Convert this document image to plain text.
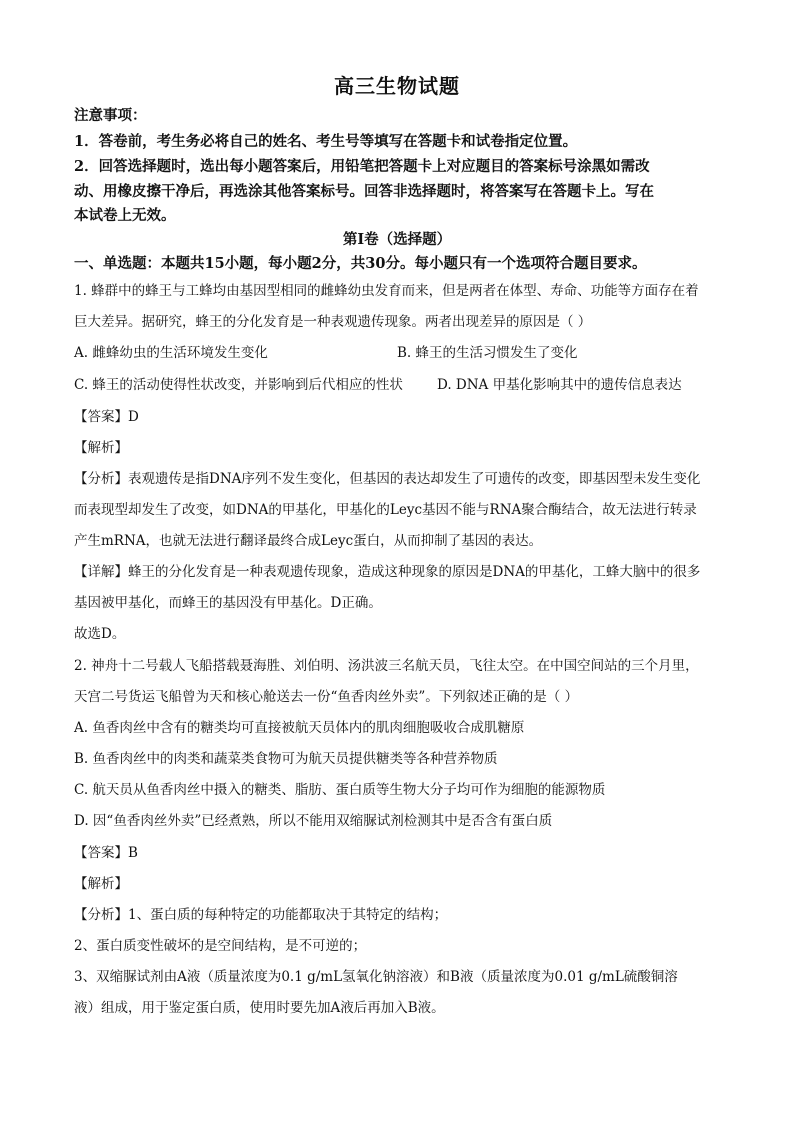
高三生物试题
注意事项：
1．答卷前，考生务必将自己的姓名、考生号等填写在答题卡和试卷指定位置。
2．回答选择题时，选出每小题答案后，用铅笔把答题卡上对应题目的答案标号涂黑如需改
动、用橡皮擦干净后，再选涂其他答案标号。回答非选择题时，将答案写在答题卡上。写在
本试卷上无效。
第Ⅰ卷（选择题）
一、单选题：本题共15小题，每小题2分，共30分。每小题只有一个选项符合题目要求。
1. 蜂群中的蜂王与工蜂均由基因型相同的雌蜂幼虫发育而来，但是两者在体型、寿命、功能等方面存在着
巨大差异。据研究，蜂王的分化发育是一种表观遗传现象。两者出现差异的原因是（ ）
A. 雌蜂幼虫的生活环境发生变化	B. 蜂王的生活习惯发生了变化
C. 蜂王的活动使得性状改变，并影响到后代相应的性状	D. DNA 甲基化影响其中的遗传信息表达
【答案】D
【解析】
【分析】表观遗传是指DNA序列不发生变化，但基因的表达却发生了可遗传的改变，即基因型未发生变化
而表现型却发生了改变，如DNA的甲基化，甲基化的Leyc基因不能与RNA聚合酶结合，故无法进行转录
产生mRNA，也就无法进行翻译最终合成Leyc蛋白，从而抑制了基因的表达。
【详解】蜂王的分化发育是一种表观遗传现象，造成这种现象的原因是DNA的甲基化，工蜂大脑中的很多
基因被甲基化，而蜂王的基因没有甲基化。D正确。
故选D。
2. 神舟十二号载人飞船搭载聂海胜、刘伯明、汤洪波三名航天员，飞往太空。在中国空间站的三个月里，
天宫二号货运飞船曾为天和核心舱送去一份“鱼香肉丝外卖”。下列叙述正确的是（ ）
A. 鱼香肉丝中含有的糖类均可直接被航天员体内的肌肉细胞吸收合成肌糖原
B. 鱼香肉丝中的肉类和蔬菜类食物可为航天员提供糖类等各种营养物质
C. 航天员从鱼香肉丝中摄入的糖类、脂肪、蛋白质等生物大分子均可作为细胞的能源物质
D. 因“鱼香肉丝外卖”已经煮熟，所以不能用双缩脲试剂检测其中是否含有蛋白质
【答案】B
【解析】
【分析】1、蛋白质的每种特定的功能都取决于其特定的结构；
2、蛋白质变性破坏的是空间结构，是不可逆的；
3、双缩脲试剂由A液（质量浓度为0.1 g/mL氢氧化钠溶液）和B液（质量浓度为0.01 g/mL硫酸铜溶
液）组成，用于鉴定蛋白质，使用时要先加A液后再加入B液。
